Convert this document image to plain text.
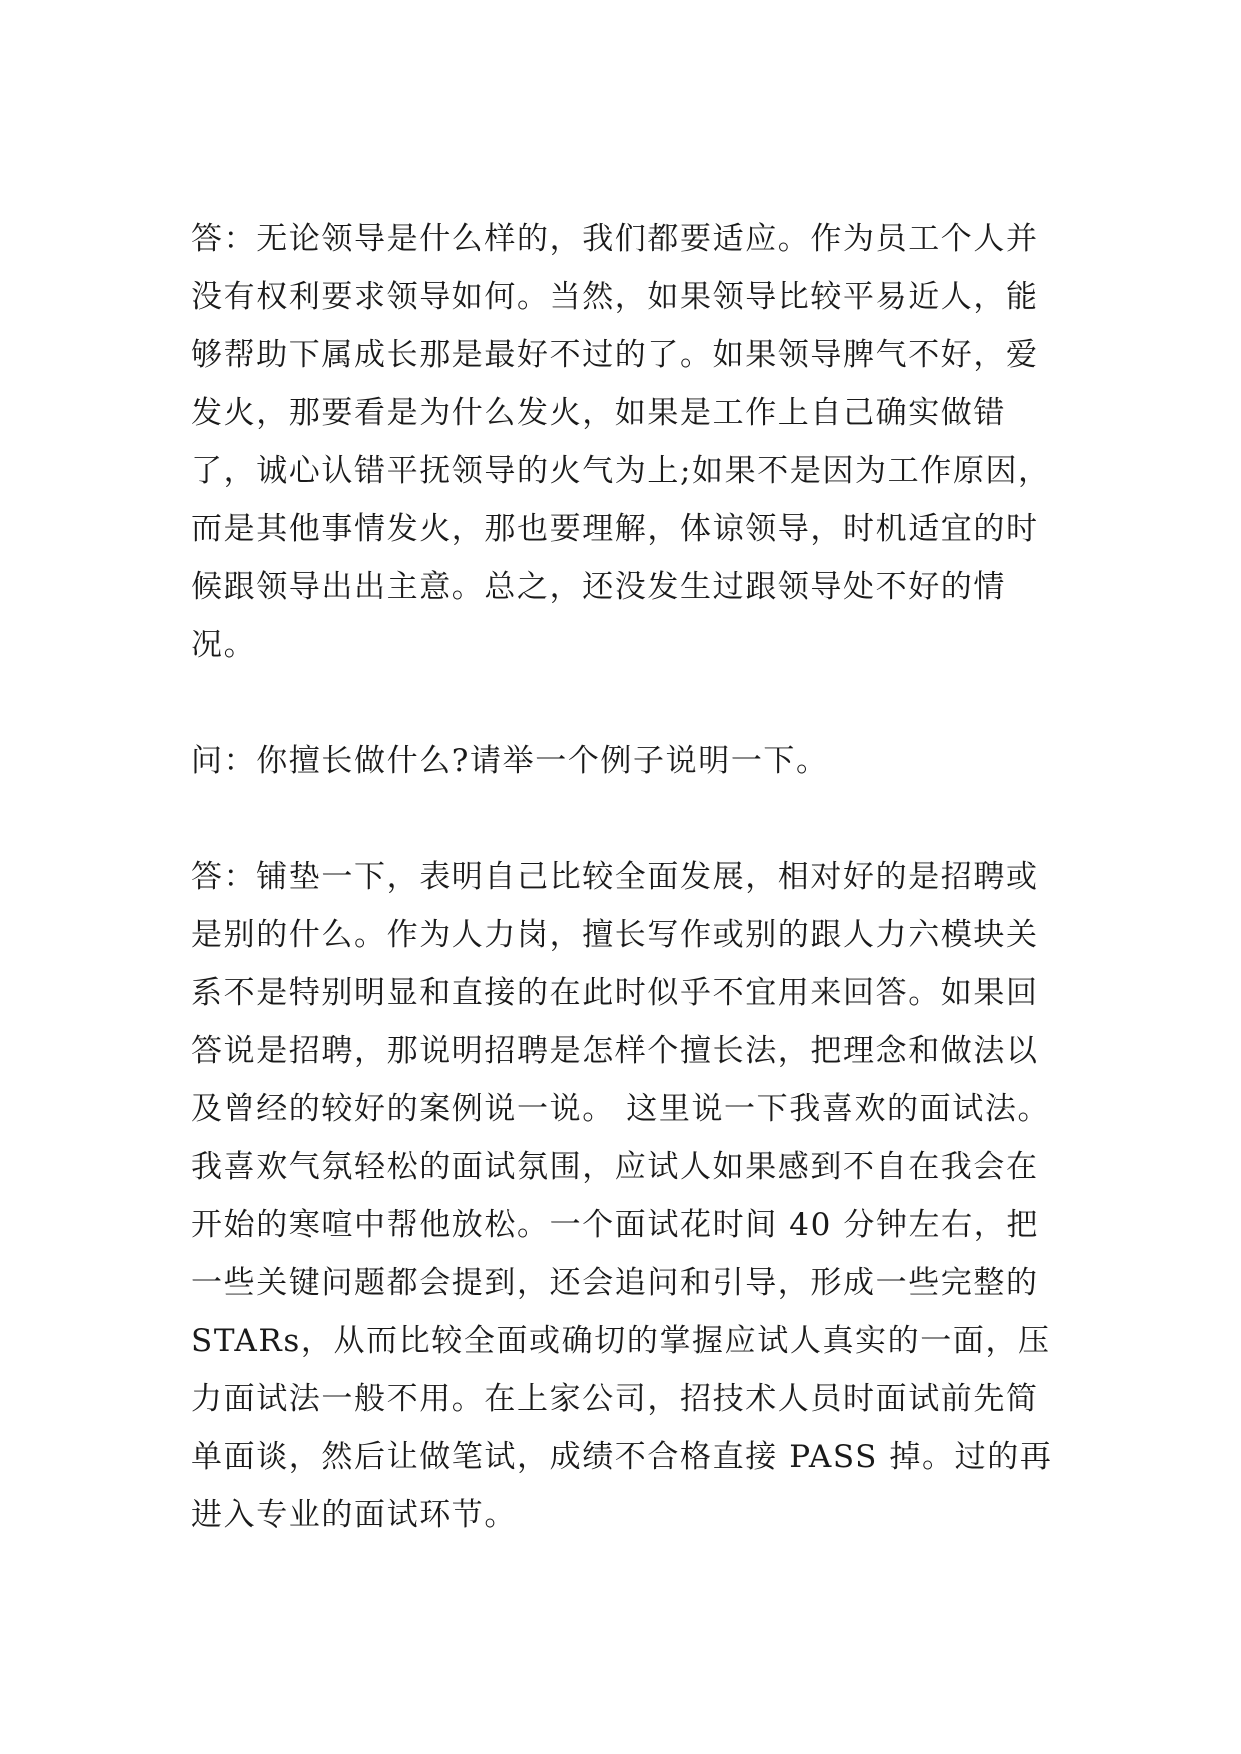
答：无论领导是什么样的，我们都要适应。作为员工个人并没有权利要求领导如何。当然，如果领导比较平易近人，能够帮助下属成长那是最好不过的了。如果领导脾气不好，爱发火，那要看是为什么发火，如果是工作上自己确实做错了，诚心认错平抚领导的火气为上;如果不是因为工作原因，而是其他事情发火，那也要理解，体谅领导，时机适宜的时候跟领导出出主意。总之，还没发生过跟领导处不好的情况。

问：你擅长做什么?请举一个例子说明一下。

答：铺垫一下，表明自己比较全面发展，相对好的是招聘或是别的什么。作为人力岗，擅长写作或别的跟人力六模块关系不是特别明显和直接的在此时似乎不宜用来回答。如果回答说是招聘，那说明招聘是怎样个擅长法，把理念和做法以及曾经的较好的案例说一说。 这里说一下我喜欢的面试法。我喜欢气氛轻松的面试氛围，应试人如果感到不自在我会在开始的寒喧中帮他放松。一个面试花时间 40 分钟左右，把一些关键问题都会提到，还会追问和引导，形成一些完整的 STARs，从而比较全面或确切的掌握应试人真实的一面，压力面试法一般不用。在上家公司，招技术人员时面试前先简单面谈，然后让做笔试，成绩不合格直接 PASS 掉。过的再进入专业的面试环节。
